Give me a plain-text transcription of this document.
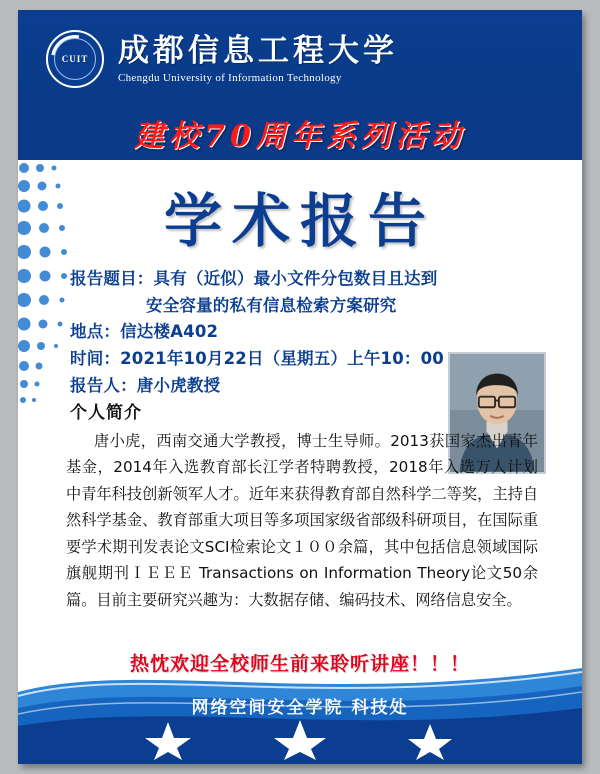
CUIT 成都信息工程大学
Chengdu University of Information Technology
建校70周年系列活动
学术报告
报告题目：具有（近似）最小文件分包数目且达到
安全容量的私有信息检索方案研究
地点：信达楼A402
时间：2021年10月22日（星期五）上午10：00
报告人：唐小虎教授
个人简介
唐小虎，西南交通大学教授，博士生导师。2013获国家杰出青年基金，2014年入选教育部长江学者特聘教授，2018年入选万人计划中青年科技创新领军人才。近年来获得教育部自然科学二等奖，主持自然科学基金、教育部重大项目等多项国家级省部级科研项目，在国际重要学术期刊发表论文SCI检索论文１００余篇，其中包括信息领域国际旗舰期刊ＩＥＥＥ Transactions on Information Theory论文50余篇。目前主要研究兴趣为：大数据存储、编码技术、网络信息安全。
热忱欢迎全校师生前来聆听讲座！！！
网络空间安全学院 科技处
